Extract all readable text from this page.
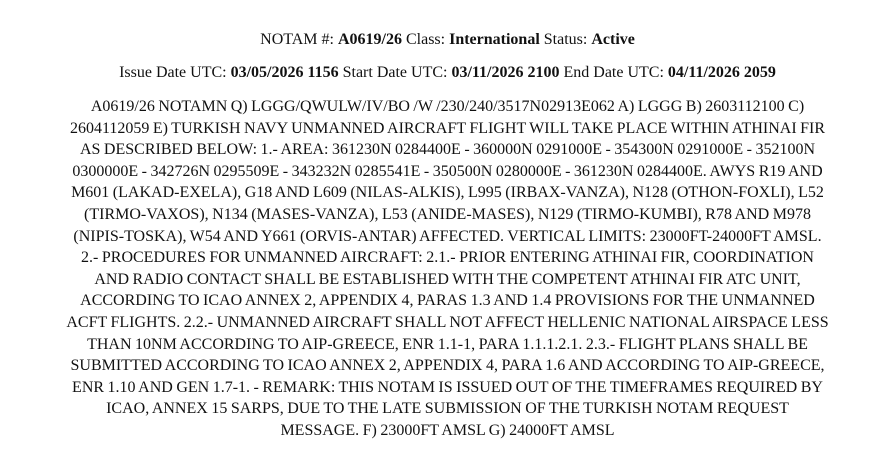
NOTAM #: A0619/26 Class: International Status: Active
Issue Date UTC: 03/05/2026 1156 Start Date UTC: 03/11/2026 2100 End Date UTC: 04/11/2026 2059
A0619/26 NOTAMN Q) LGGG/QWULW/IV/BO /W /230/240/3517N02913E062 A) LGGG B) 2603112100 C)
2604112059 E) TURKISH NAVY UNMANNED AIRCRAFT FLIGHT WILL TAKE PLACE WITHIN ATHINAI FIR
AS DESCRIBED BELOW: 1.- AREA: 361230N 0284400E - 360000N 0291000E - 354300N 0291000E - 352100N
0300000E - 342726N 0295509E - 343232N 0285541E - 350500N 0280000E - 361230N 0284400E. AWYS R19 AND
M601 (LAKAD-EXELA), G18 AND L609 (NILAS-ALKIS), L995 (IRBAX-VANZA), N128 (OTHON-FOXLI), L52
(TIRMO-VAXOS), N134 (MASES-VANZA), L53 (ANIDE-MASES), N129 (TIRMO-KUMBI), R78 AND M978
(NIPIS-TOSKA), W54 AND Y661 (ORVIS-ANTAR) AFFECTED. VERTICAL LIMITS: 23000FT-24000FT AMSL.
2.- PROCEDURES FOR UNMANNED AIRCRAFT: 2.1.- PRIOR ENTERING ATHINAI FIR, COORDINATION
AND RADIO CONTACT SHALL BE ESTABLISHED WITH THE COMPETENT ATHINAI FIR ATC UNIT,
ACCORDING TO ICAO ANNEX 2, APPENDIX 4, PARAS 1.3 AND 1.4 PROVISIONS FOR THE UNMANNED
ACFT FLIGHTS. 2.2.- UNMANNED AIRCRAFT SHALL NOT AFFECT HELLENIC NATIONAL AIRSPACE LESS
THAN 10NM ACCORDING TO AIP-GREECE, ENR 1.1-1, PARA 1.1.1.2.1. 2.3.- FLIGHT PLANS SHALL BE
SUBMITTED ACCORDING TO ICAO ANNEX 2, APPENDIX 4, PARA 1.6 AND ACCORDING TO AIP-GREECE,
ENR 1.10 AND GEN 1.7-1. - REMARK: THIS NOTAM IS ISSUED OUT OF THE TIMEFRAMES REQUIRED BY
ICAO, ANNEX 15 SARPS, DUE TO THE LATE SUBMISSION OF THE TURKISH NOTAM REQUEST
MESSAGE. F) 23000FT AMSL G) 24000FT AMSL
